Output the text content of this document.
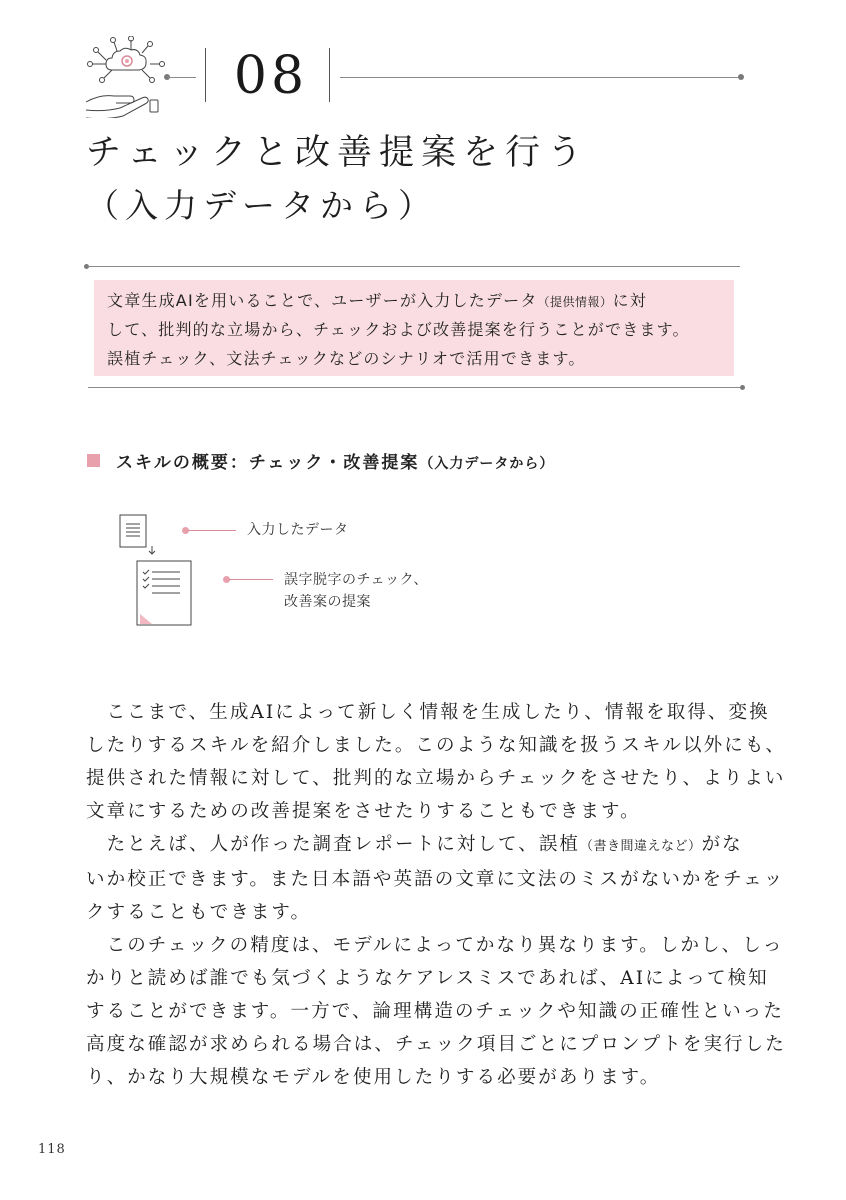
08
チェックと改善提案を行う
（入力データから）
文章生成AIを用いることで、ユーザーが入力したデータ（提供情報）に対
して、批判的な立場から、チェックおよび改善提案を行うことができます。
誤植チェック、文法チェックなどのシナリオで活用できます。
スキルの概要：チェック・改善提案（入力データから）
入力したデータ
誤字脱字のチェック、
改善案の提案
　ここまで、生成AIによって新しく情報を生成したり、情報を取得、変換
したりするスキルを紹介しました。このような知識を扱うスキル以外にも、
提供された情報に対して、批判的な立場からチェックをさせたり、よりよい
文章にするための改善提案をさせたりすることもできます。
　たとえば、人が作った調査レポートに対して、誤植（書き間違えなど）がな
いか校正できます。また日本語や英語の文章に文法のミスがないかをチェッ
クすることもできます。
　このチェックの精度は、モデルによってかなり異なります。しかし、しっ
かりと読めば誰でも気づくようなケアレスミスであれば、AIによって検知
することができます。一方で、論理構造のチェックや知識の正確性といった
高度な確認が求められる場合は、チェック項目ごとにプロンプトを実行した
り、かなり大規模なモデルを使用したりする必要があります。
118
